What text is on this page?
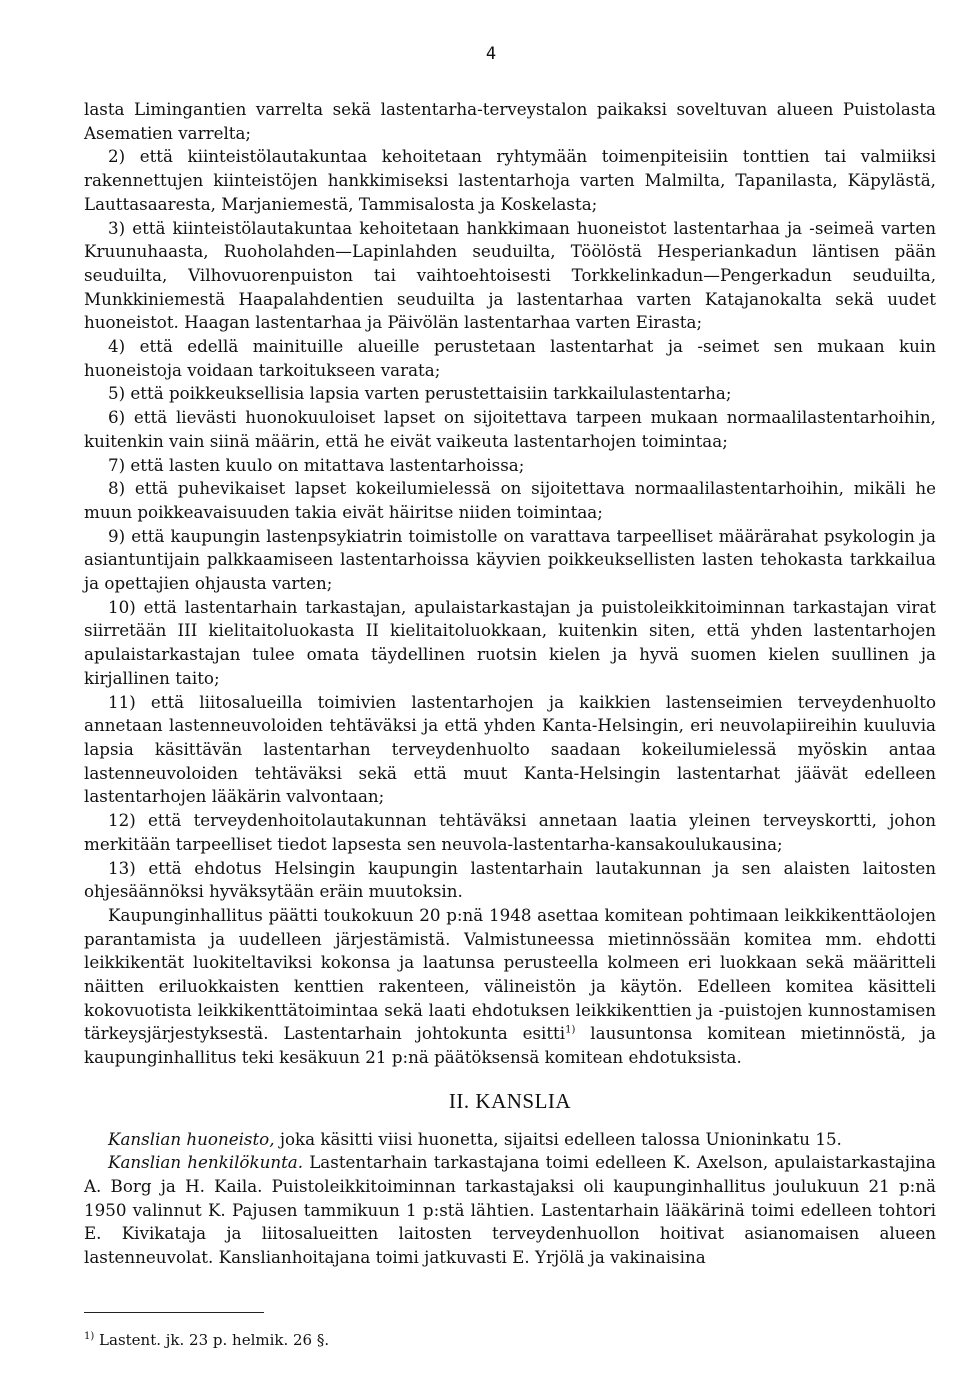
4

lasta Limingantien varrelta sekä lastentarha-terveystalon paikaksi soveltuvan alueen Puistolasta Asematien varrelta;

2) että kiinteistölautakuntaa kehoitetaan ryhtymään toimenpiteisiin tonttien tai valmiiksi rakennettujen kiinteistöjen hankkimiseksi lastentarhoja varten Malmilta, Tapanilasta, Käpylästä, Lauttasaaresta, Marjaniemestä, Tammisalosta ja Koskelasta;

3) että kiinteistölautakuntaa kehoitetaan hankkimaan huoneistot lastentarhaa ja -seimeä varten Kruunuhaasta, Ruoholahden—Lapinlahden seuduilta, Töölöstä Hesperiankadun läntisen pään seuduilta, Vilhovuorenpuiston tai vaihtoehtoisesti Torkkelinkadun—Pengerkadun seuduilta, Munkkiniemestä Haapalahdentien seuduilta ja lastentarhaa varten Katajanokalta sekä uudet huoneistot. Haagan lastentarhaa ja Päivölän lastentarhaa varten Eirasta;

4) että edellä mainituille alueille perustetaan lastentarhat ja -seimet sen mukaan kuin huoneistoja voidaan tarkoitukseen varata;

5) että poikkeuksellisia lapsia varten perustettaisiin tarkkailulastentarha;

6) että lievästi huonokuuloiset lapset on sijoitettava tarpeen mukaan normaalilastentarhoihin, kuitenkin vain siinä määrin, että he eivät vaikeuta lastentarhojen toimintaa;

7) että lasten kuulo on mitattava lastentarhoissa;

8) että puhevikaiset lapset kokeilumielessä on sijoitettava normaalilastentarhoihin, mikäli he muun poikkeavaisuuden takia eivät häiritse niiden toimintaa;

9) että kaupungin lastenpsykiatrin toimistolle on varattava tarpeelliset määrärahat psykologin ja asiantuntijain palkkaamiseen lastentarhoissa käyvien poikkeuksellisten lasten tehokasta tarkkailua ja opettajien ohjausta varten;

10) että lastentarhain tarkastajan, apulaistarkastajan ja puistoleikkitoiminnan tarkastajan virat siirretään III kielitaitoluokasta II kielitaitoluokkaan, kuitenkin siten, että yhden lastentarhojen apulaistarkastajan tulee omata täydellinen ruotsin kielen ja hyvä suomen kielen suullinen ja kirjallinen taito;

11) että liitosalueilla toimivien lastentarhojen ja kaikkien lastenseimien terveydenhuolto annetaan lastenneuvoloiden tehtäväksi ja että yhden Kanta-Helsingin, eri neuvolapiireihin kuuluvia lapsia käsittävän lastentarhan terveydenhuolto saadaan kokeilumielessä myöskin antaa lastenneuvoloiden tehtäväksi sekä että muut Kanta-Helsingin lastentarhat jäävät edelleen lastentarhojen lääkärin valvontaan;

12) että terveydenhoitolautakunnan tehtäväksi annetaan laatia yleinen terveyskortti, johon merkitään tarpeelliset tiedot lapsesta sen neuvola-lastentarha-kansakoulukausina;

13) että ehdotus Helsingin kaupungin lastentarhain lautakunnan ja sen alaisten laitosten ohjesäännöksi hyväksytään eräin muutoksin.

Kaupunginhallitus päätti toukokuun 20 p:nä 1948 asettaa komitean pohtimaan leikkikenttäolojen parantamista ja uudelleen järjestämistä. Valmistuneessa mietinnössään komitea mm. ehdotti leikkikentät luokiteltaviksi kokonsa ja laatunsa perusteella kolmeen eri luokkaan sekä määritteli näitten eriluokkaisten kenttien rakenteen, välineistön ja käytön. Edelleen komitea käsitteli kokovuotista leikkikenttätoimintaa sekä laati ehdotuksen leikkikenttien ja -puistojen kunnostamisen tärkeysjärjestyksestä. Lastentarhain johtokunta esitti$^{1)}$ lausuntonsa komitean mietinnöstä, ja kaupunginhallitus teki kesäkuun 21 p:nä päätöksensä komitean ehdotuksista.

II. KANSLIA

Kanslian huoneisto, joka käsitti viisi huonetta, sijaitsi edelleen talossa Unioninkatu 15.

Kanslian henkilökunta. Lastentarhain tarkastajana toimi edelleen K. Axelson, apulaistarkastajina A. Borg ja H. Kaila. Puistoleikkitoiminnan tarkastajaksi oli kaupunginhallitus joulukuun 21 p:nä 1950 valinnut K. Pajusen tammikuun 1 p:stä lähtien. Lastentarhain lääkärinä toimi edelleen tohtori E. Kivikataja ja liitosalueitten laitosten terveydenhuollon hoitivat asianomaisen alueen lastenneuvolat. Kanslianhoitajana toimi jatkuvasti E. Yrjölä ja vakinaisina

$^{1)}$ Lastent. jk. 23 p. helmik. 26 §.
